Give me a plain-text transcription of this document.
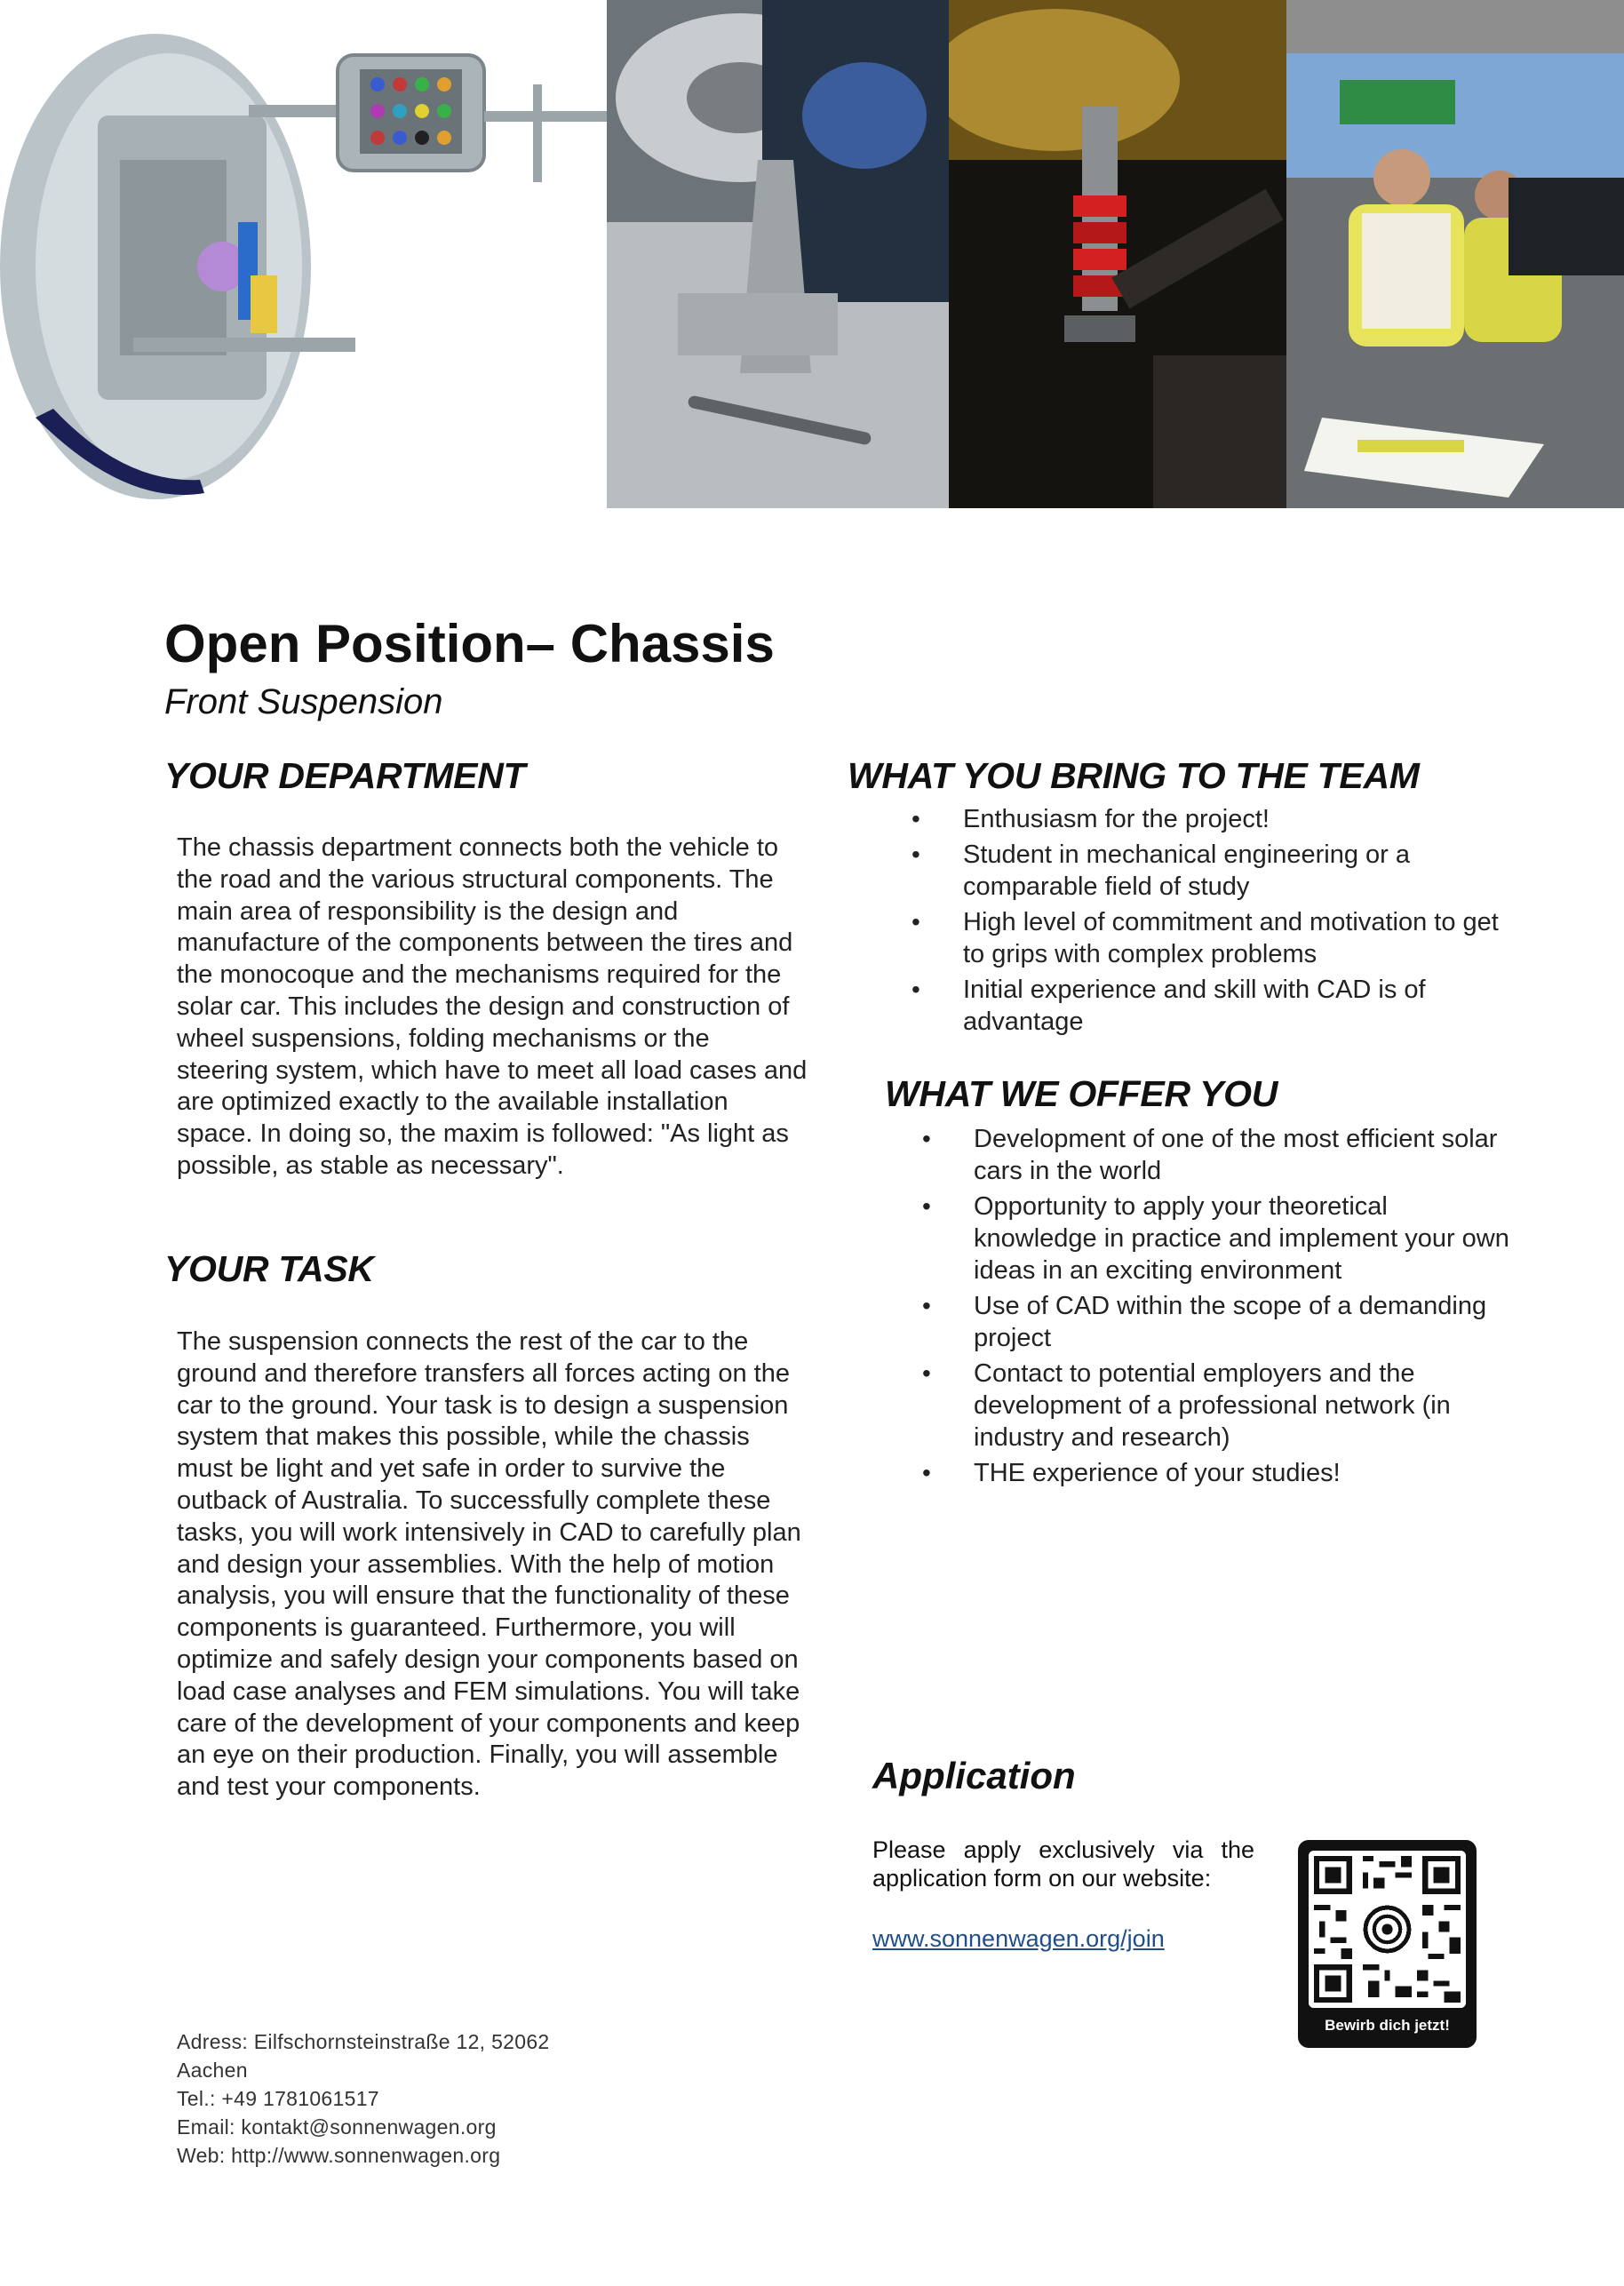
Open Position– Chassis
Front Suspension
YOUR DEPARTMENT
The chassis department connects both the vehicle to the road and the various structural components. The main area of responsibility is the design and manufacture of the components between the tires and the monocoque and the mechanisms required for the solar car. This includes the design and construction of wheel suspensions, folding mechanisms or the steering system, which have to meet all load cases and are optimized exactly to the available installation space. In doing so, the maxim is followed: "As light as possible, as stable as necessary".
YOUR TASK
The suspension connects the rest of the car to the ground and therefore transfers all forces acting on the car to the ground. Your task is to design a suspension system that makes this possible, while the chassis must be light and yet safe in order to survive the outback of Australia. To successfully complete these tasks, you will work intensively in CAD to carefully plan and design your assemblies. With the help of motion analysis, you will ensure that the functionality of these components is guaranteed. Furthermore, you will optimize and safely design your components based on load case analyses and FEM simulations. You will take care of the development of your components and keep an eye on their production. Finally, you will assemble and test your components.
WHAT YOU BRING TO THE TEAM
• Enthusiasm for the project!
• Student in mechanical engineering or a comparable field of study
• High level of commitment and motivation to get to grips with complex problems
• Initial experience and skill with CAD is of advantage
WHAT WE OFFER YOU
• Development of one of the most efficient solar cars in the world
• Opportunity to apply your theoretical knowledge in practice and implement your own ideas in an exciting environment
• Use of CAD within the scope of a demanding project
• Contact to potential employers and the development of a professional network (in industry and research)
• THE experience of your studies!
Application
Please apply exclusively via the
application form on our website:
www.sonnenwagen.org/join
Bewirb dich jetzt!
Adress: Eilfschornsteinstraße 12, 52062
Aachen
Tel.: +49 1781061517
Email: kontakt@sonnenwagen.org
Web: http://www.sonnenwagen.org
